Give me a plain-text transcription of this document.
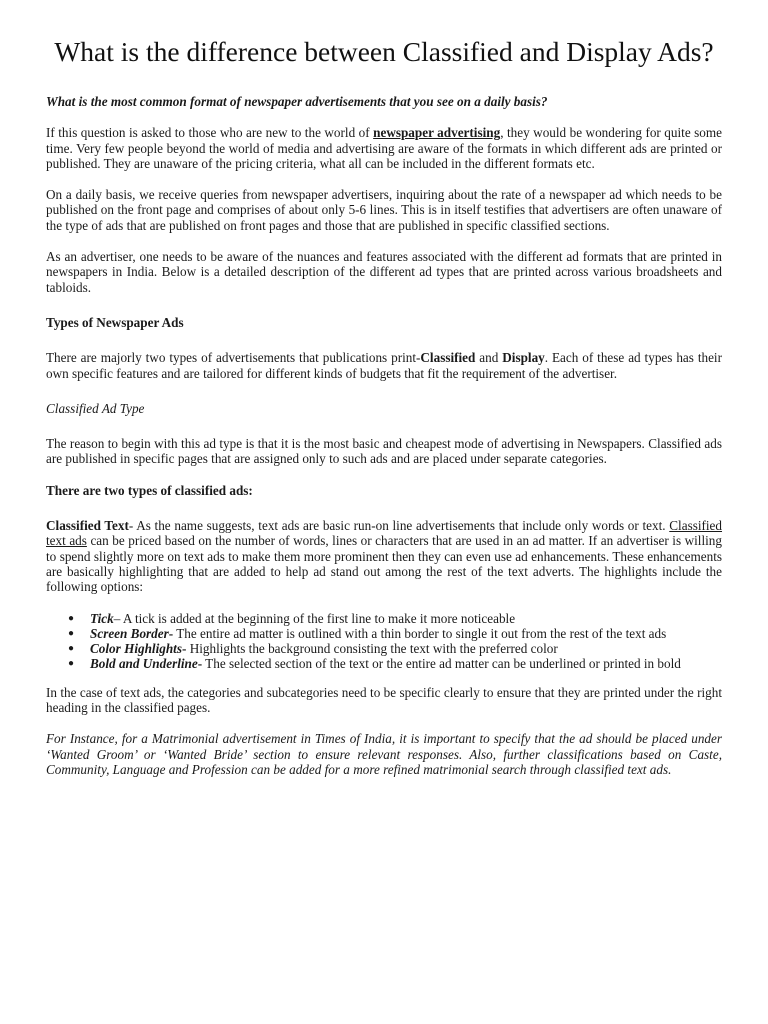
What is the difference between Classified and Display Ads?

What is the most common format of newspaper advertisements that you see on a daily basis?

If this question is asked to those who are new to the world of newspaper advertising, they would be wondering for quite some time. Very few people beyond the world of media and advertising are aware of the formats in which different ads are printed or published. They are unaware of the pricing criteria, what all can be included in the different formats etc.

On a daily basis, we receive queries from newspaper advertisers, inquiring about the rate of a newspaper ad which needs to be published on the front page and comprises of about only 5-6 lines. This is in itself testifies that advertisers are often unaware of the type of ads that are published on front pages and those that are published in specific classified sections.

As an advertiser, one needs to be aware of the nuances and features associated with the different ad formats that are printed in newspapers in India. Below is a detailed description of the different ad types that are printed across various broadsheets and tabloids.

Types of Newspaper Ads

There are majorly two types of advertisements that publications print-Classified and Display. Each of these ad types has their own specific features and are tailored for different kinds of budgets that fit the requirement of the advertiser.

Classified Ad Type

The reason to begin with this ad type is that it is the most basic and cheapest mode of advertising in Newspapers. Classified ads are published in specific pages that are assigned only to such ads and are placed under separate categories.

There are two types of classified ads:

Classified Text- As the name suggests, text ads are basic run-on line advertisements that include only words or text. Classified text ads can be priced based on the number of words, lines or characters that are used in an ad matter. If an advertiser is willing to spend slightly more on text ads to make them more prominent then they can even use ad enhancements. These enhancements are basically highlighting that are added to help ad stand out among the rest of the text adverts. The highlights include the following options:

● Tick– A tick is added at the beginning of the first line to make it more noticeable
● Screen Border- The entire ad matter is outlined with a thin border to single it out from the rest of the text ads
● Color Highlights- Highlights the background consisting the text with the preferred color
● Bold and Underline- The selected section of the text or the entire ad matter can be underlined or printed in bold

In the case of text ads, the categories and subcategories need to be specific clearly to ensure that they are printed under the right heading in the classified pages.

For Instance, for a Matrimonial advertisement in Times of India, it is important to specify that the ad should be placed under ‘Wanted Groom’ or ‘Wanted Bride’ section to ensure relevant responses. Also, further classifications based on Caste, Community, Language and Profession can be added for a more refined matrimonial search through classified text ads.
